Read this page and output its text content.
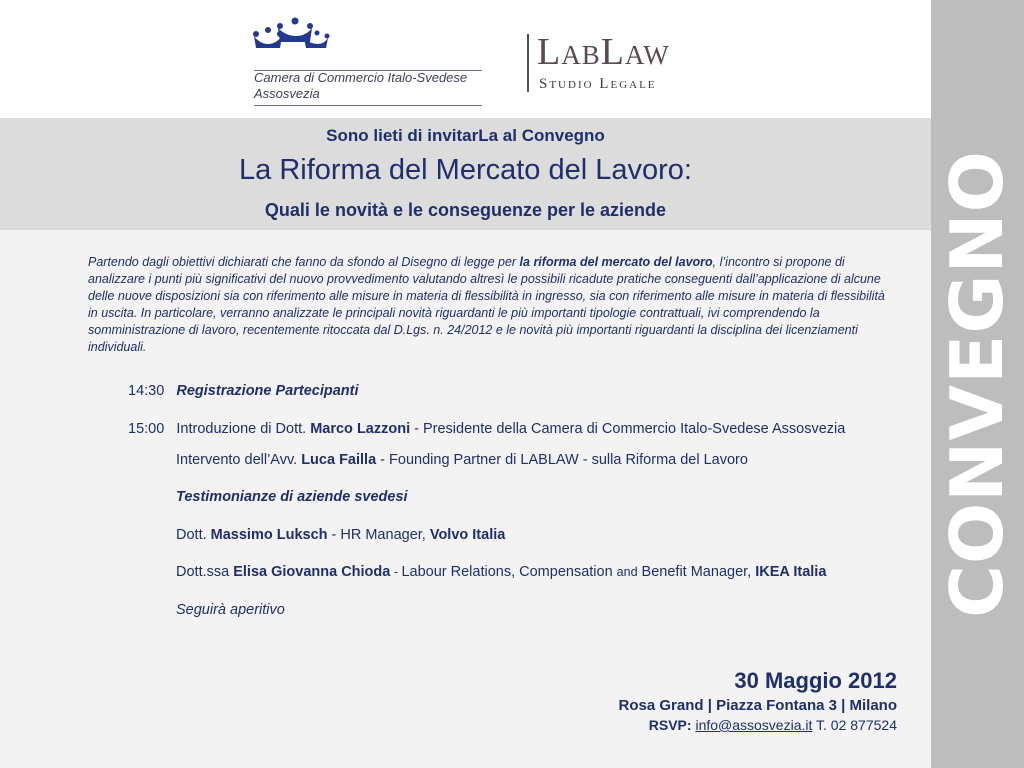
CONVEGNO
Camera di Commercio Italo-Svedese
Assosvezia
LabLaw
Studio Legale
Sono lieti di invitarLa al Convegno
La Riforma del Mercato del Lavoro:
Quali le novità e le conseguenze per le aziende
Partendo dagli obiettivi dichiarati che fanno da sfondo al Disegno di legge per la riforma del mercato del lavoro, l’incontro si propone di analizzare i punti più significativi del nuovo provvedimento valutando altresì le possibili ricadute pratiche conseguenti dall’applicazione di alcune delle nuove disposizioni sia con riferimento alle misure in materia di flessibilità in ingresso, sia con riferimento alle misure in materia di flessibilità in uscita. In particolare, verranno analizzate le principali novità riguardanti le più importanti tipologie contrattuali, ivi comprendendo la somministrazione di lavoro, recentemente ritoccata dal D.Lgs. n. 24/2012 e le novità più importanti riguardanti la disciplina dei licenziamenti individuali.
14:30 Registrazione Partecipanti
15:00 Introduzione di Dott. Marco Lazzoni - Presidente della Camera di Commercio Italo-Svedese Assosvezia
Intervento dell’Avv. Luca Failla - Founding Partner di LABLAW - sulla Riforma del Lavoro
Testimonianze di aziende svedesi
Dott. Massimo Luksch - HR Manager, Volvo Italia
Dott.ssa Elisa Giovanna Chioda - Labour Relations, Compensation and Benefit Manager, IKEA Italia
Seguirà aperitivo
30 Maggio 2012
Rosa Grand | Piazza Fontana 3 | Milano
RSVP: info@assosvezia.it T. 02 877524
